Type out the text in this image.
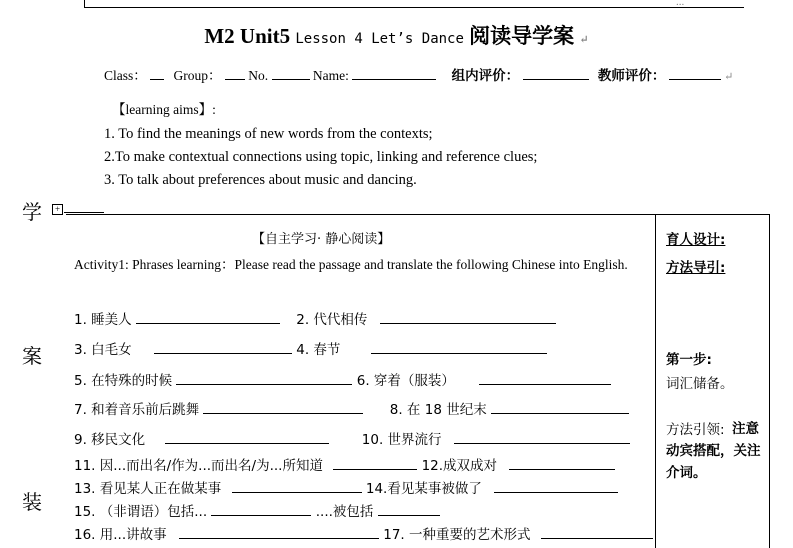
...
M2 Unit5 Lesson 4 Let’s Dance 阅读导学案 ↵
Class： Group： No.	Name:	组内评价：	教师评价：	↵
【learning aims】:
1. To find the meanings of new words from the contexts;
2.To make contextual connections using topic, linking and reference clues;
3. To talk about preferences about music and dancing.
学	+
案
装
【自主学习· 静心阅读】
Activity1: Phrases learning：Please read the passage and translate the following Chinese into English.
1. 睡美人	2. 代代相传
3. 白毛女	4. 春节
5. 在特殊的时候	6. 穿着（服装）
7. 和着音乐前后跳舞	8. 在 18 世纪末
9. 移民文化	10. 世界流行
11. 因...而出名/作为...而出名/为...所知道	12.成双成对
13. 看见某人正在做某事	14.看见某事被做了
15. （非谓语）包括...	....被包括
16. 用...讲故事	17. 一种重要的艺术形式
育人设计:
方法导引:
第一步:
词汇储备。
方法引领: 注意动宾搭配，关注介词。
